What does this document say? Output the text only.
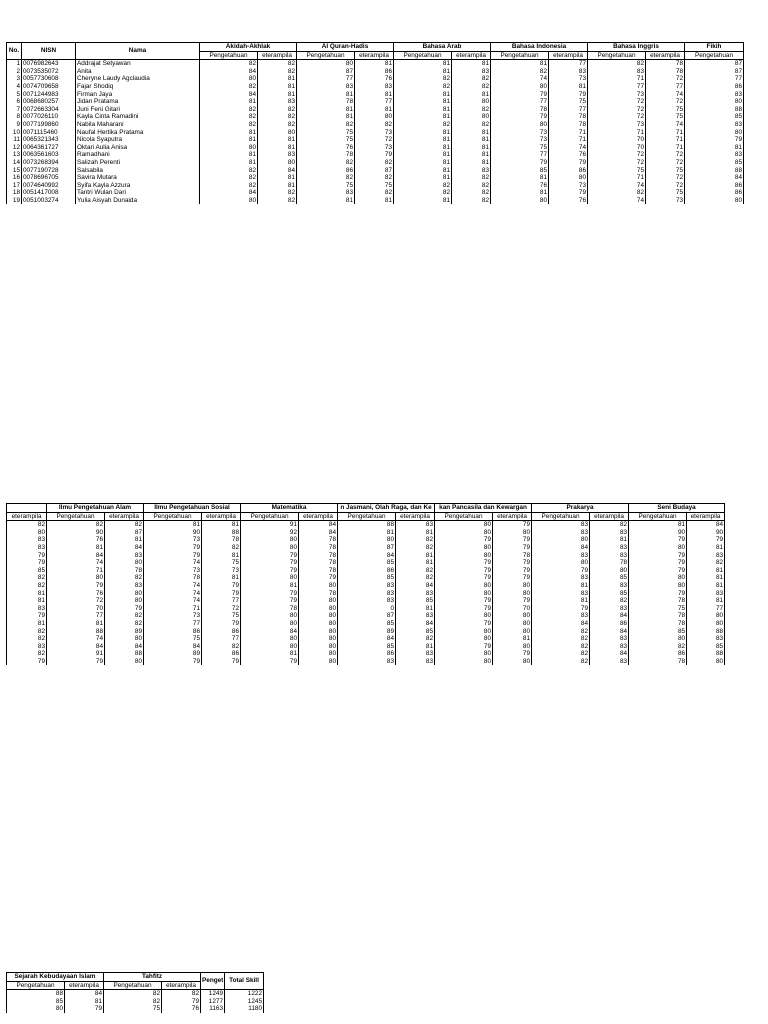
No.	NISN	Nama	Akidah-Akhlak		Al Quran-Hadis		Bahasa Arab		Bahasa Indonesia		Bahasa Inggris		Fikih
			Pengetahuan	eterampila	Pengetahuan	eterampila	Pengetahuan	eterampila	Pengetahuan	eterampila	Pengetahuan	eterampila	Pengetahuan
1	0076982643	Addrajat Setyawan	82	82	80	81	81	81	81	77	82	78	87
2	0073535072	Anita	84	82	87	86	81	83	82	83	83	78	87
3	0057730608	Cheryne Laudy Agclaudia	80	81	77	76	82	82	74	73	71	72	77
4	0074709658	Fajar Shodiq	82	81	83	83	82	82	80	81	77	77	86
5	0071244983	Firman Jaya	84	81	81	81	81	81	79	79	73	74	83
6	0068680257	Jidan Pratama	81	83	78	77	81	80	77	75	72	72	80
7	0072663304	Juni Feni Gitari	82	82	81	81	81	82	78	77	72	75	88
8	0077026110	Kayla Cinta Ramadini	82	82	81	80	81	80	79	78	72	75	85
9	0077199860	Nabila Maharani	82	82	82	82	82	82	80	78	73	74	83
10	0071115460	Naufal Hertika Pratama	81	80	75	73	81	81	73	71	71	71	80
11	0065321343	Nicola Syaputra	81	81	75	72	81	81	73	71	70	71	79
12	0064361727	Oktari Aulia Anisa	80	81	76	73	81	81	75	74	70	71	81
13	0063561603	Ramadhani	81	83	78	79	81	81	77	76	72	72	83
14	0073268394	Salizah Perenti	81	80	82	82	81	81	79	79	72	72	85
15	0077190728	Salsabila	82	84	86	87	81	83	85	86	75	75	88
16	0078696705	Savira Mutara	82	81	82	82	81	82	81	80	71	72	84
17	0074640992	Syifa Kayla Azzura	82	81	75	75	82	82	76	73	74	72	86
18	0051417008	Tantri Wulan Dari	84	82	83	82	82	82	81	79	82	75	86
19	0051003274	Yulia Aisyah Dunaida	80	82	81	81	81	82	80	76	74	73	80
	Ilmu Pengetahuan Alam		Ilmu Pengetahuan Sosial		Matematika		n Jasmani, Olah Raga, dan Ke		kan Pancasila dan Kewargan		Prakarya		Seni Budaya	
eterampila	Pengetahuan	eterampila	Pengetahuan	eterampila	Pengetahuan	eterampila	Pengetahuan	eterampila	Pengetahuan	eterampila	Pengetahuan	eterampila	Pengetahuan	eterampila
82	82	82	81	81	91	84	88	83	80	79	83	82	81	84
80	90	87	90	88	92	84	81	81	80	80	83	83	90	90
83	76	81	73	78	80	78	80	82	79	79	80	81	79	79
83	81	84	79	82	80	78	87	82	80	79	84	83	80	81
79	84	83	79	81	79	78	84	81	80	78	83	83	79	83
79	74	80	74	75	79	78	85	81	79	79	80	78	79	82
85	71	78	73	73	79	78	86	82	79	79	79	80	79	81
82	80	82	78	81	80	79	85	82	79	79	83	85	80	81
82	79	83	74	79	81	80	83	84	80	80	81	83	80	81
81	76	80	74	79	79	78	83	83	80	80	83	85	79	83
81	72	80	74	77	79	80	83	85	79	79	81	82	78	81
83	70	79	71	72	78	80	0	81	79	70	79	83	75	77
79	77	82	73	75	80	80	87	83	80	80	83	84	78	80
81	81	82	77	79	80	80	85	84	79	80	84	86	78	80
82	88	89	86	86	84	80	89	85	80	80	82	84	85	88
82	74	80	75	77	80	80	84	82	80	81	82	83	80	83
83	84	84	84	82	80	80	85	81	79	80	82	83	82	85
82	91	88	89	86	81	80	86	83	80	79	82	84	86	88
79	79	80	79	79	79	80	83	83	80	80	82	83	78	80
Sejarah Kebudayaan Islam		Tahfitz		Penget	Total Skill
Pengetahuan	eterampila	Pengetahuan	eterampila		
88	84	82	82	1249	1222
85	81	82	79	1277	1245
80	79	75	76	1163	1180
